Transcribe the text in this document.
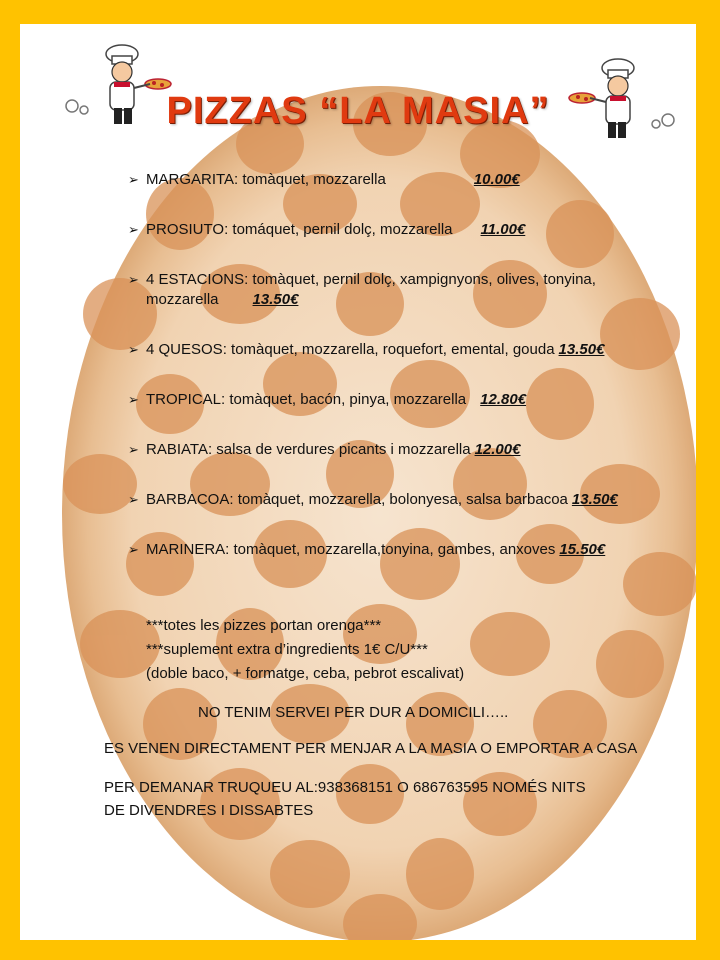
PIZZAS “LA MASIA”
➢ MARGARITA: tomàquet, mozzarella	10.00€
➢ PROSIUTO: tomáquet, pernil dolç, mozzarella 11.00€
➢ 4 ESTACIONS: tomàquet, pernil dolç, xampignyons, olives, tonyina, mozzarella 13.50€
➢ 4 QUESOS: tomàquet, mozzarella, roquefort, emental, gouda 13.50€
➢ TROPICAL: tomàquet, bacón, pinya, mozzarella 12.80€
➢ RABIATA: salsa de verdures picants i mozzarella 12.00€
➢ BARBACOA: tomàquet, mozzarella, bolonyesa, salsa barbacoa 13.50€
➢ MARINERA: tomàquet, mozzarella,tonyina, gambes, anxoves 15.50€
***totes les pizzes portan orenga***
***suplement extra d’ingredients 1€ C/U***
(doble baco, + formatge, ceba, pebrot escalivat)
NO TENIM SERVEI PER DUR A DOMICILI…..
ES VENEN DIRECTAMENT PER MENJAR A LA MASIA O EMPORTAR A CASA
PER DEMANAR TRUQUEU AL:938368151 O 686763595 NOMÉS NITS
DE DIVENDRES I DISSABTES
